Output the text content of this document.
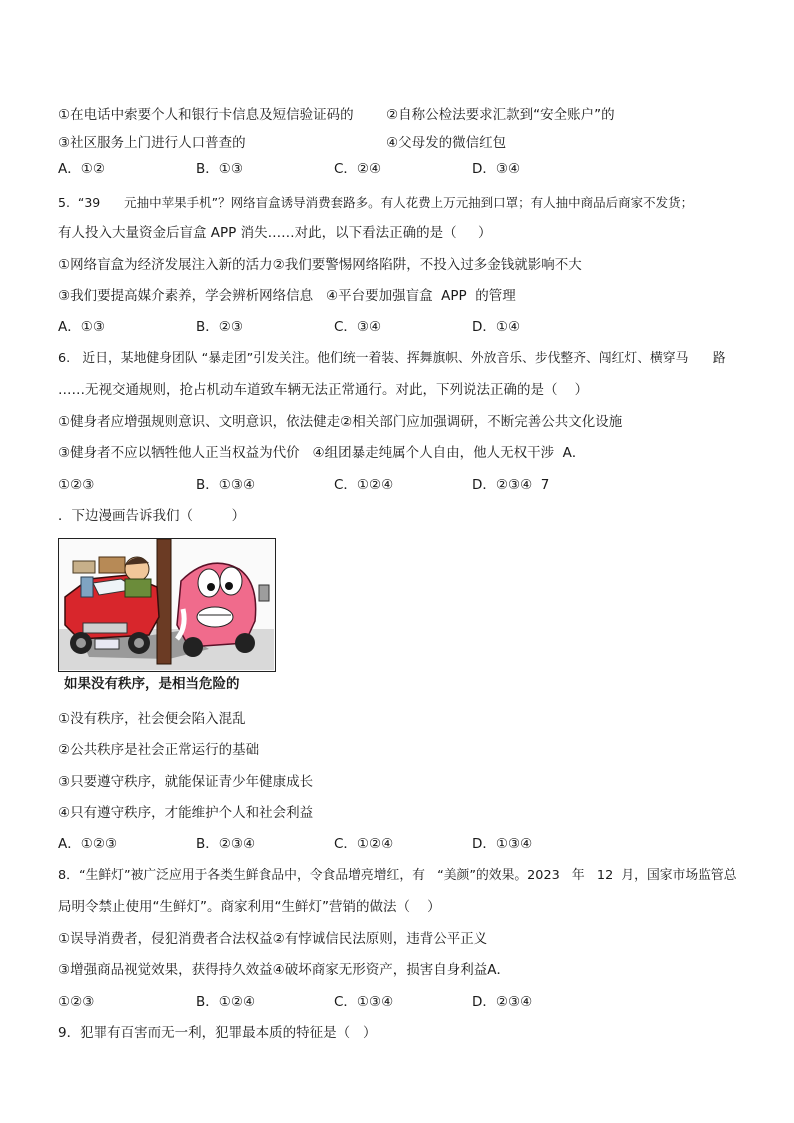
①在电话中索要个人和银行卡信息及短信验证码的 ②自称公检法要求汇款到“安全账户”的
③社区服务上门进行人口普查的	④父母发的微信红包
A．①②	B．①③	C．②④	D．③④
5.  “39      元抽中苹果手机”？网络盲盒诱导消费套路多。有人花费上万元抽到口罩；有人抽中商品后商家不发货；
有人投入大量资金后盲盒 APP 消失……对此，以下看法正确的是（     ）
①网络盲盒为经济发展注入新的活力②我们要警惕网络陷阱，不投入过多金钱就影响不大
③我们要提高媒介素养，学会辨析网络信息   ④平台要加强盲盒  APP  的管理
A．①③	B．②③	C．③④	D．①④
6.   近日，某地健身团队 “暴走团”引发关注。他们统一着装、挥舞旗帜、外放音乐、步伐整齐、闯红灯、横穿马      路
……无视交通规则，抢占机动车道致车辆无法正常通行。对此，下列说法正确的是（    ）
①健身者应增强规则意识、文明意识，依法健走②相关部门应加强调研，不断完善公共文化设施
③健身者不应以牺牲他人正当权益为代价   ④组团暴走纯属个人自由，他人无权干涉  A．
①②③	B．①③④	C．①②④	D．②③④  7
．下边漫画告诉我们（         ）
如果没有秩序，是相当危险的
①没有秩序，社会便会陷入混乱
②公共秩序是社会正常运行的基础
③只要遵守秩序，就能保证青少年健康成长
④只有遵守秩序，才能维护个人和社会利益
A．①②③	B．②③④	C．①②④	D．①③④
8．“生鲜灯”被广泛应用于各类生鲜食品中，令食品增亮增红，有   “美颜”的效果。2023   年   12  月，国家市场监管总
局明令禁止使用“生鲜灯”。商家利用“生鲜灯”营销的做法（    ）
①误导消费者，侵犯消费者合法权益②有悖诚信民法原则，违背公平正义
③增强商品视觉效果，获得持久效益④破坏商家无形资产，损害自身利益A．
①②③	B．①②④	C．①③④	D．②③④
9．犯罪有百害而无一利，犯罪最本质的特征是（   ）
